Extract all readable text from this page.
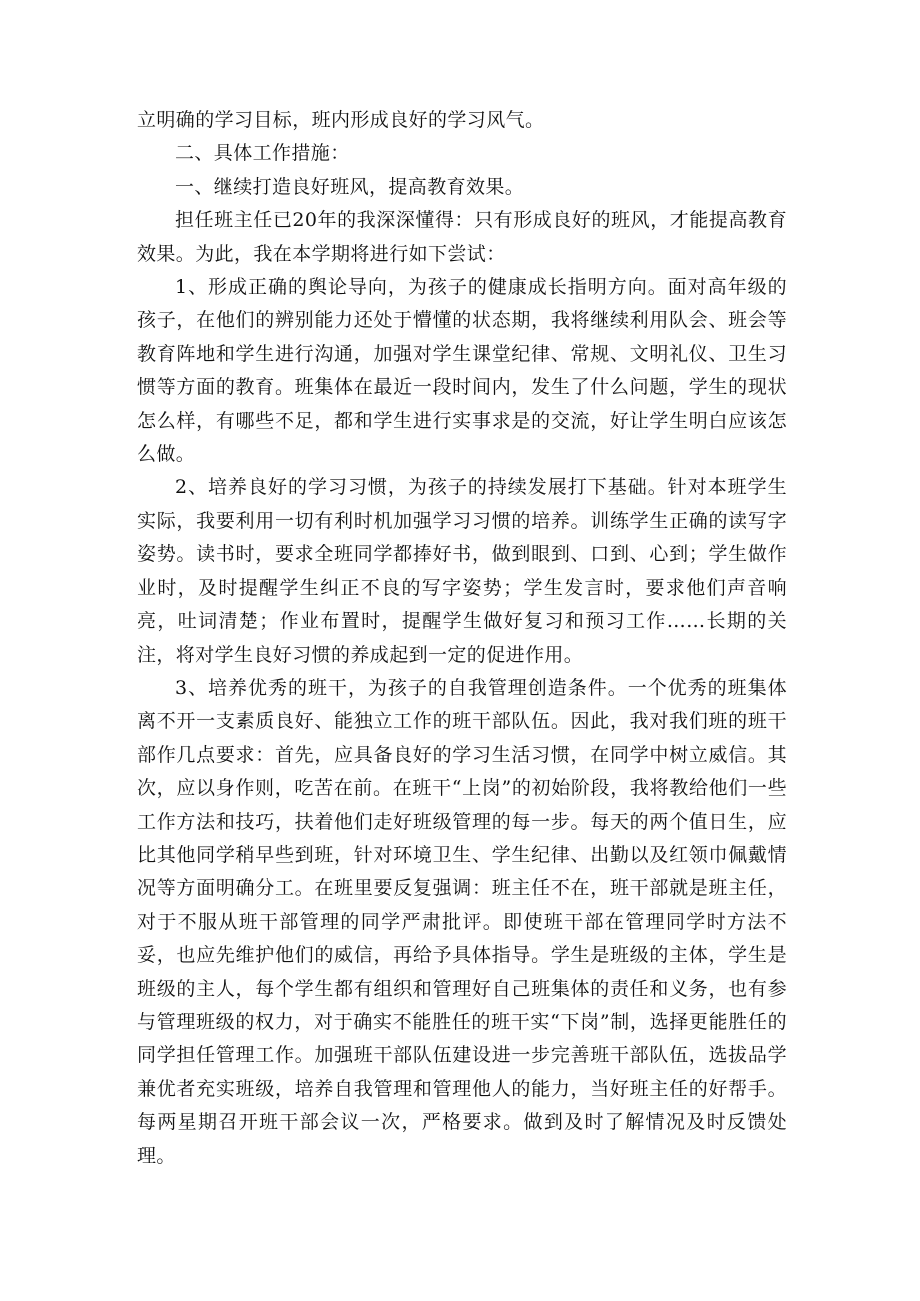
立明确的学习目标，班内形成良好的学习风气。

二、具体工作措施：

一、继续打造良好班风，提高教育效果。

担任班主任已20年的我深深懂得：只有形成良好的班风，才能提高教育效果。为此，我在本学期将进行如下尝试：

1、形成正确的舆论导向，为孩子的健康成长指明方向。面对高年级的孩子，在他们的辨别能力还处于懵懂的状态期，我将继续利用队会、班会等教育阵地和学生进行沟通，加强对学生课堂纪律、常规、文明礼仪、卫生习惯等方面的教育。班集体在最近一段时间内，发生了什么问题，学生的现状怎么样，有哪些不足，都和学生进行实事求是的交流，好让学生明白应该怎么做。

2、培养良好的学习习惯，为孩子的持续发展打下基础。针对本班学生实际，我要利用一切有利时机加强学习习惯的培养。训练学生正确的读写字姿势。读书时，要求全班同学都捧好书，做到眼到、口到、心到；学生做作业时，及时提醒学生纠正不良的写字姿势；学生发言时，要求他们声音响亮，吐词清楚；作业布置时，提醒学生做好复习和预习工作……长期的关注，将对学生良好习惯的养成起到一定的促进作用。

3、培养优秀的班干，为孩子的自我管理创造条件。一个优秀的班集体离不开一支素质良好、能独立工作的班干部队伍。因此，我对我们班的班干部作几点要求：首先，应具备良好的学习生活习惯，在同学中树立威信。其次，应以身作则，吃苦在前。在班干“上岗”的初始阶段，我将教给他们一些工作方法和技巧，扶着他们走好班级管理的每一步。每天的两个值日生，应比其他同学稍早些到班，针对环境卫生、学生纪律、出勤以及红领巾佩戴情况等方面明确分工。在班里要反复强调：班主任不在，班干部就是班主任，对于不服从班干部管理的同学严肃批评。即使班干部在管理同学时方法不妥，也应先维护他们的威信，再给予具体指导。学生是班级的主体，学生是班级的主人，每个学生都有组织和管理好自己班集体的责任和义务，也有参与管理班级的权力，对于确实不能胜任的班干实“下岗”制，选择更能胜任的同学担任管理工作。加强班干部队伍建设进一步完善班干部队伍，选拔品学兼优者充实班级，培养自我管理和管理他人的能力，当好班主任的好帮手。每两星期召开班干部会议一次，严格要求。做到及时了解情况及时反馈处理。
